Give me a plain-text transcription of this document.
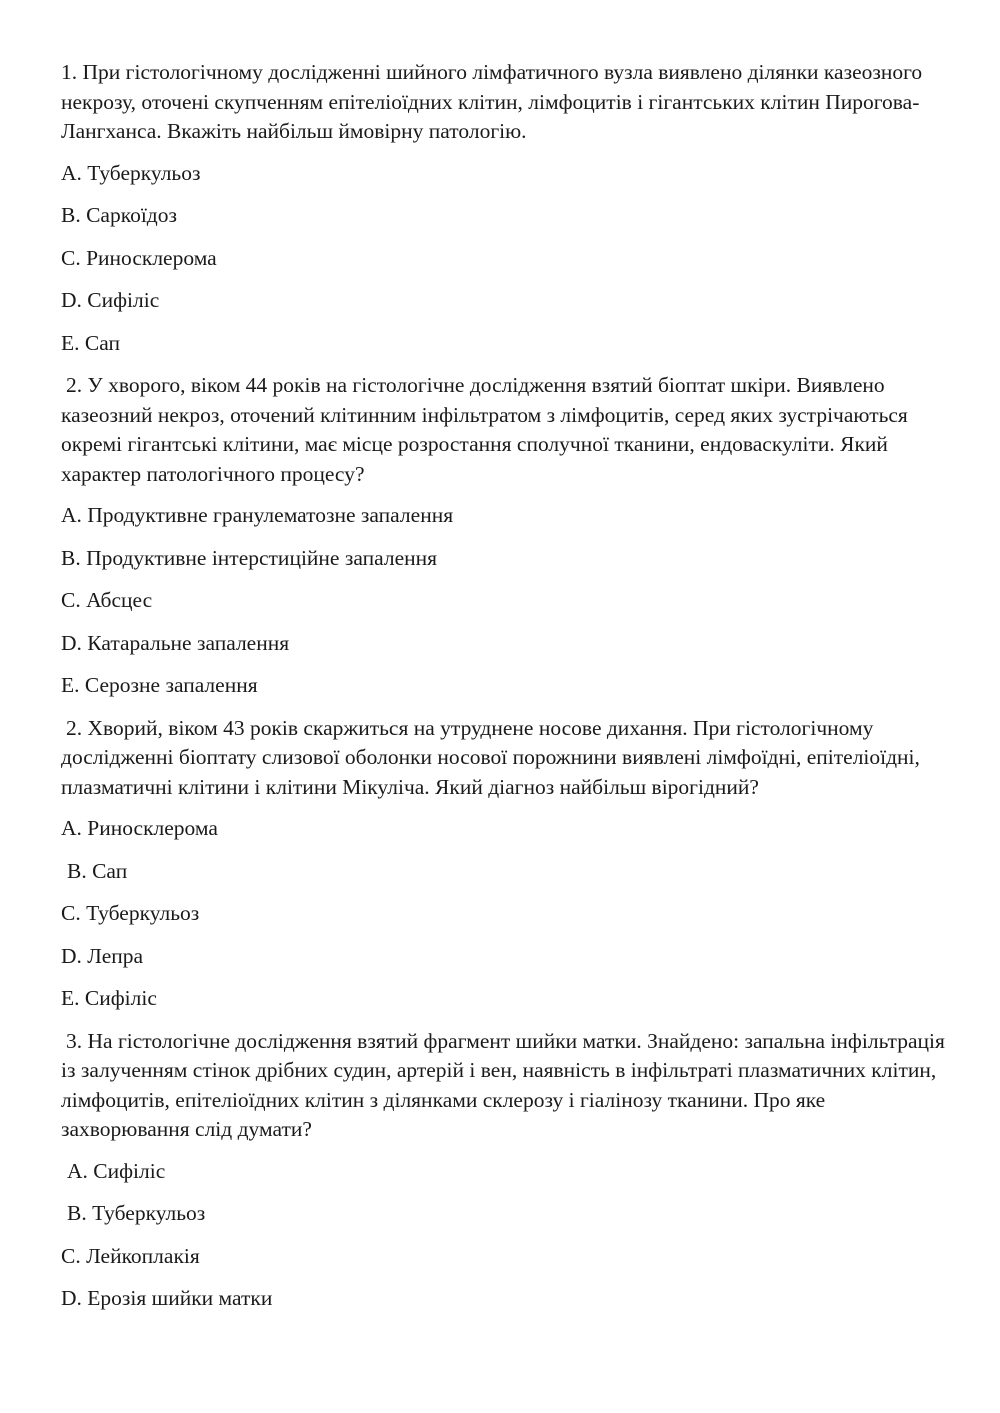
1. При гістологічному дослідженні шийного лімфатичного вузла виявлено ділянки казеозного некрозу, оточені скупченням епітеліоїдних клітин, лімфоцитів і гігантських клітин Пирогова-Лангханса. Вкажіть найбільш ймовірну патологію.

A. Туберкульоз

B. Саркоїдоз

C. Риносклерома

D. Сифіліс

E. Сап

2. У хворого, віком 44 років на гістологічне дослідження взятий біоптат шкіри. Виявлено казеозний некроз, оточений клітинним інфільтратом з лімфоцитів, серед яких зустрічаються окремі гігантські клітини, має місце розростання сполучної тканини, ендоваскуліти. Який характер патологічного процесу?

A. Продуктивне гранулематозне запалення

B. Продуктивне інтерстиційне запалення

C. Абсцес

D. Катаральне запалення

E. Серозне запалення

2. Хворий, віком 43 років скаржиться на утруднене носове дихання. При гістологічному дослідженні біоптату слизової оболонки носової порожнини виявлені лімфоїдні, епітеліоїдні, плазматичні клітини і клітини Мікуліча. Який діагноз найбільш вірогідний?

A. Риносклерома

B. Сап

C. Туберкульоз

D. Лепра

E. Сифіліс

3. На гістологічне дослідження взятий фрагмент шийки матки. Знайдено: запальна інфільтрація із залученням стінок дрібних судин, артерій і вен, наявність в інфільтраті плазматичних клітин, лімфоцитів, епітеліоїдних клітин з ділянками склерозу і гіалінозу тканини. Про яке захворювання слід думати?

A. Сифіліс

B. Туберкульоз

C. Лейкоплакія

D. Ерозія шийки матки
